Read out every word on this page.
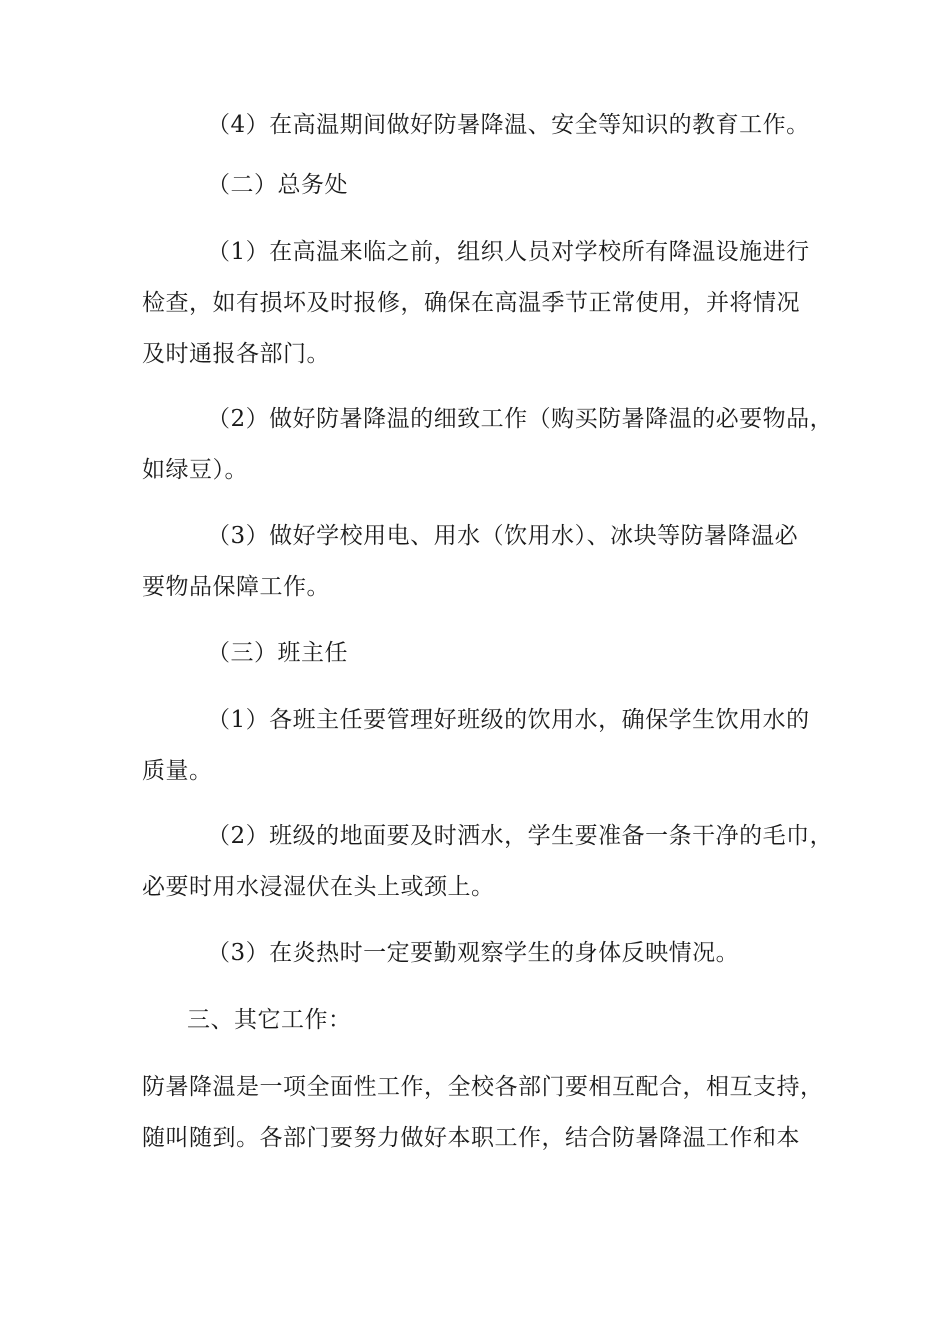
（4）在高温期间做好防暑降温、安全等知识的教育工作。
（二）总务处
（1）在高温来临之前，组织人员对学校所有降温设施进行
检查，如有损坏及时报修，确保在高温季节正常使用，并将情况
及时通报各部门。
（2）做好防暑降温的细致工作（购买防暑降温的必要物品，
如绿豆）。
（3）做好学校用电、用水（饮用水）、冰块等防暑降温必
要物品保障工作。
（三）班主任
（1）各班主任要管理好班级的饮用水，确保学生饮用水的
质量。
（2）班级的地面要及时洒水，学生要准备一条干净的毛巾，
必要时用水浸湿伏在头上或颈上。
（3）在炎热时一定要勤观察学生的身体反映情况。
三、其它工作：
防暑降温是一项全面性工作，全校各部门要相互配合，相互支持，
随叫随到。各部门要努力做好本职工作，结合防暑降温工作和本
